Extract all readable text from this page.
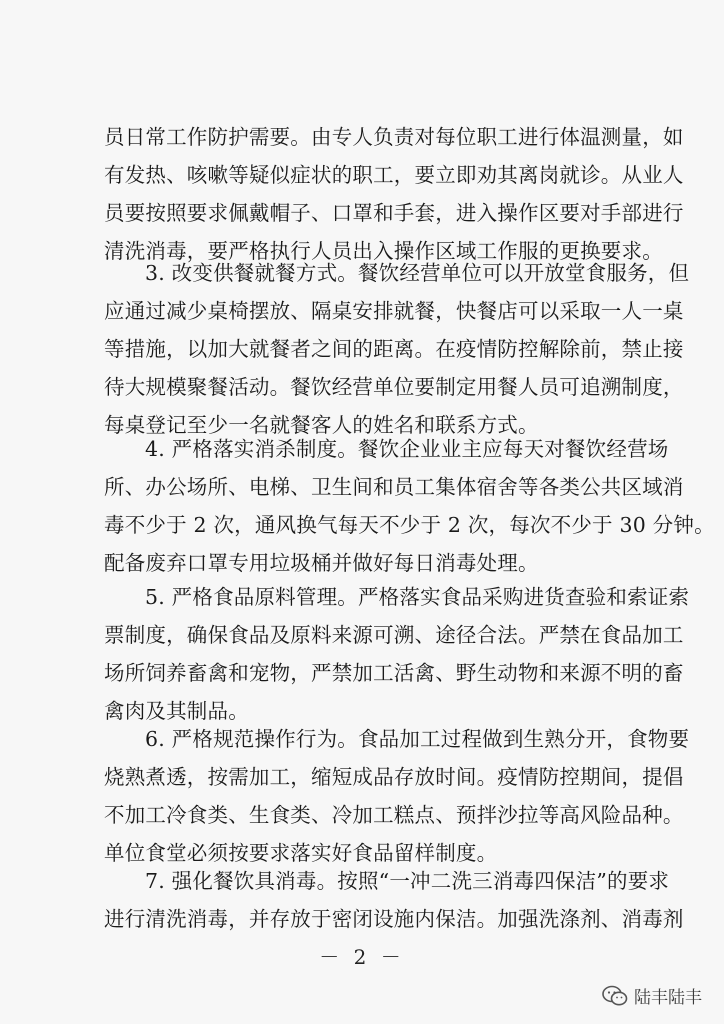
员日常工作防护需要。由专人负责对每位职工进行体温测量，如
有发热、咳嗽等疑似症状的职工，要立即劝其离岗就诊。从业人
员要按照要求佩戴帽子、口罩和手套，进入操作区要对手部进行
清洗消毒，要严格执行人员出入操作区域工作服的更换要求。
3. 改变供餐就餐方式。餐饮经营单位可以开放堂食服务，但
应通过减少桌椅摆放、隔桌安排就餐，快餐店可以采取一人一桌
等措施，以加大就餐者之间的距离。在疫情防控解除前，禁止接
待大规模聚餐活动。餐饮经营单位要制定用餐人员可追溯制度，
每桌登记至少一名就餐客人的姓名和联系方式。
4. 严格落实消杀制度。餐饮企业业主应每天对餐饮经营场
所、办公场所、电梯、卫生间和员工集体宿舍等各类公共区域消
毒不少于 2 次，通风换气每天不少于 2 次，每次不少于 30 分钟。
配备废弃口罩专用垃圾桶并做好每日消毒处理。
5. 严格食品原料管理。严格落实食品采购进货查验和索证索
票制度，确保食品及原料来源可溯、途径合法。严禁在食品加工
场所饲养畜禽和宠物，严禁加工活禽、野生动物和来源不明的畜
禽肉及其制品。
6. 严格规范操作行为。食品加工过程做到生熟分开，食物要
烧熟煮透，按需加工，缩短成品存放时间。疫情防控期间，提倡
不加工冷食类、生食类、冷加工糕点、预拌沙拉等高风险品种。
单位食堂必须按要求落实好食品留样制度。
7. 强化餐饮具消毒。按照“一冲二洗三消毒四保洁”的要求
进行清洗消毒，并存放于密闭设施内保洁。加强洗涤剂、消毒剂
－ 2 －
陆丰陆丰
